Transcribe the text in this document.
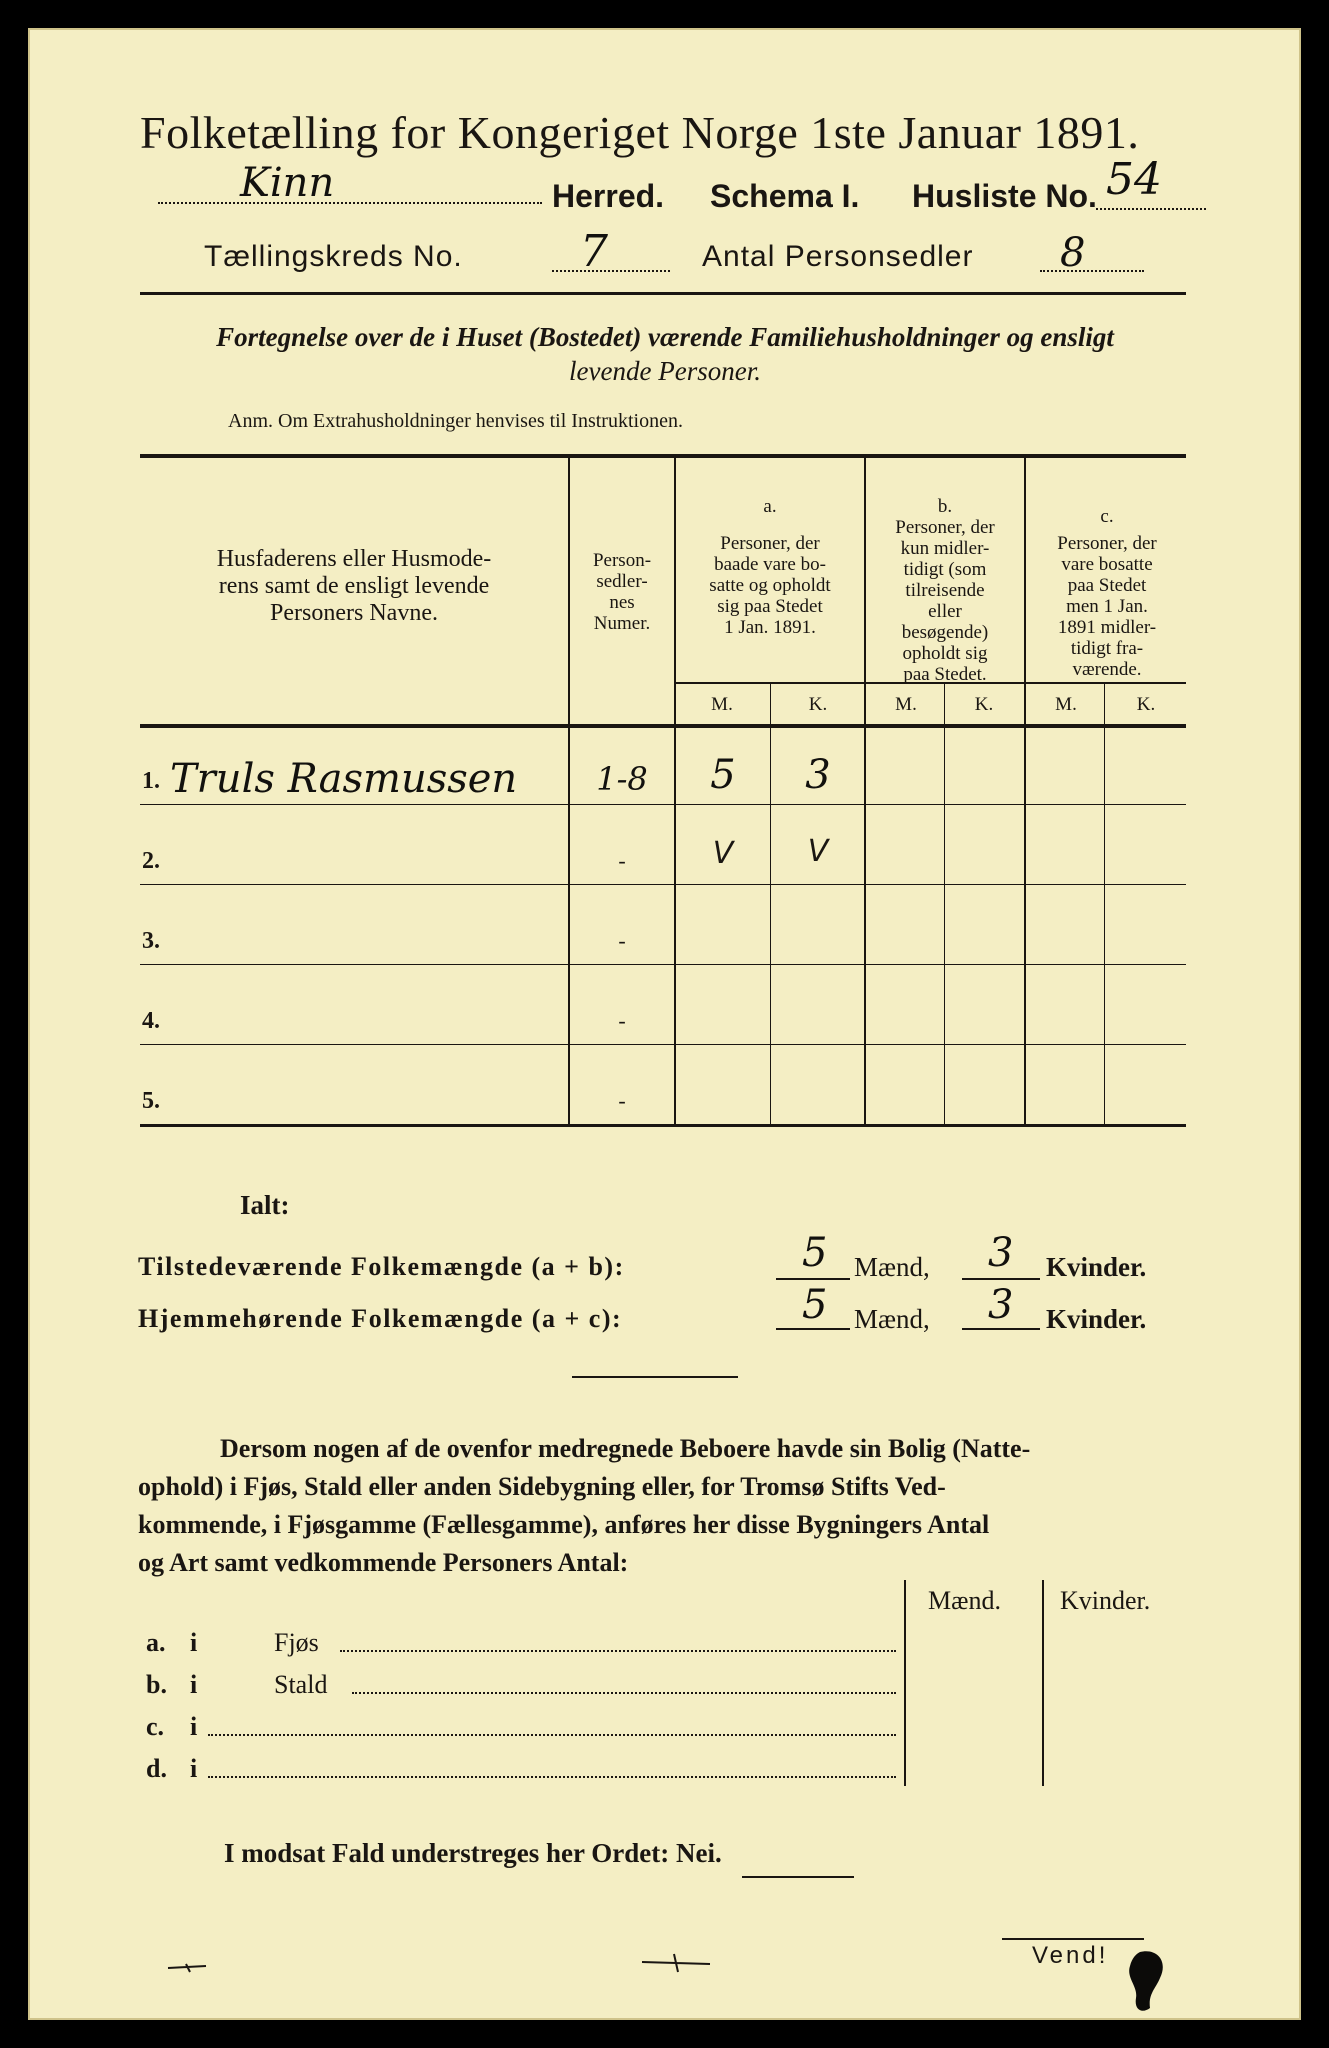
Folketælling for Kongeriget Norge 1ste Januar 1891.
Kinn	Herred. Schema I. Husliste No. 54
Tællingskreds No.	7	Antal Personsedler 8
Fortegnelse over de i Huset (Bostedet) værende Familiehusholdninger og ensligt
levende Personer.
Anm. Om Extrahusholdninger henvises til Instruktionen.
Husfaderens eller Husmode-
rens samt de ensligt levende
Personers Navne.
Person-
sedler-
nes
Numer.
a.
Personer, der
baade vare bo-
satte og opholdt
sig paa Stedet
1 Jan. 1891.
b.
Personer, der
kun midler-
tidigt (som
tilreisende
eller
besøgende)
opholdt sig
paa Stedet.
c.
Personer, der
vare bosatte
paa Stedet
men 1 Jan.
1891 midler-
tidigt fra-
værende.
M.	K.	M.	K.	M.	K.
1. Truls Rasmussen	1-8	5	3
2.	-	V	V
3.	-
4.	-
5.	-
Ialt:
Tilstedeværende Folkemængde (a + b):	5 Mænd, 3 Kvinder.
Hjemmehørende Folkemængde (a + c):	5 Mænd, 3 Kvinder.
Dersom nogen af de ovenfor medregnede Beboere havde sin Bolig (Natte-
ophold) i Fjøs, Stald eller anden Sidebygning eller, for Tromsø Stifts Ved-
kommende, i Fjøsgamme (Fællesgamme), anføres her disse Bygningers Antal
og Art samt vedkommende Personers Antal:
Mænd. Kvinder.
a. i	Fjøs
b. i	Stald
c. i
d. i
I modsat Fald understreges her Ordet: Nei.
Vend!
